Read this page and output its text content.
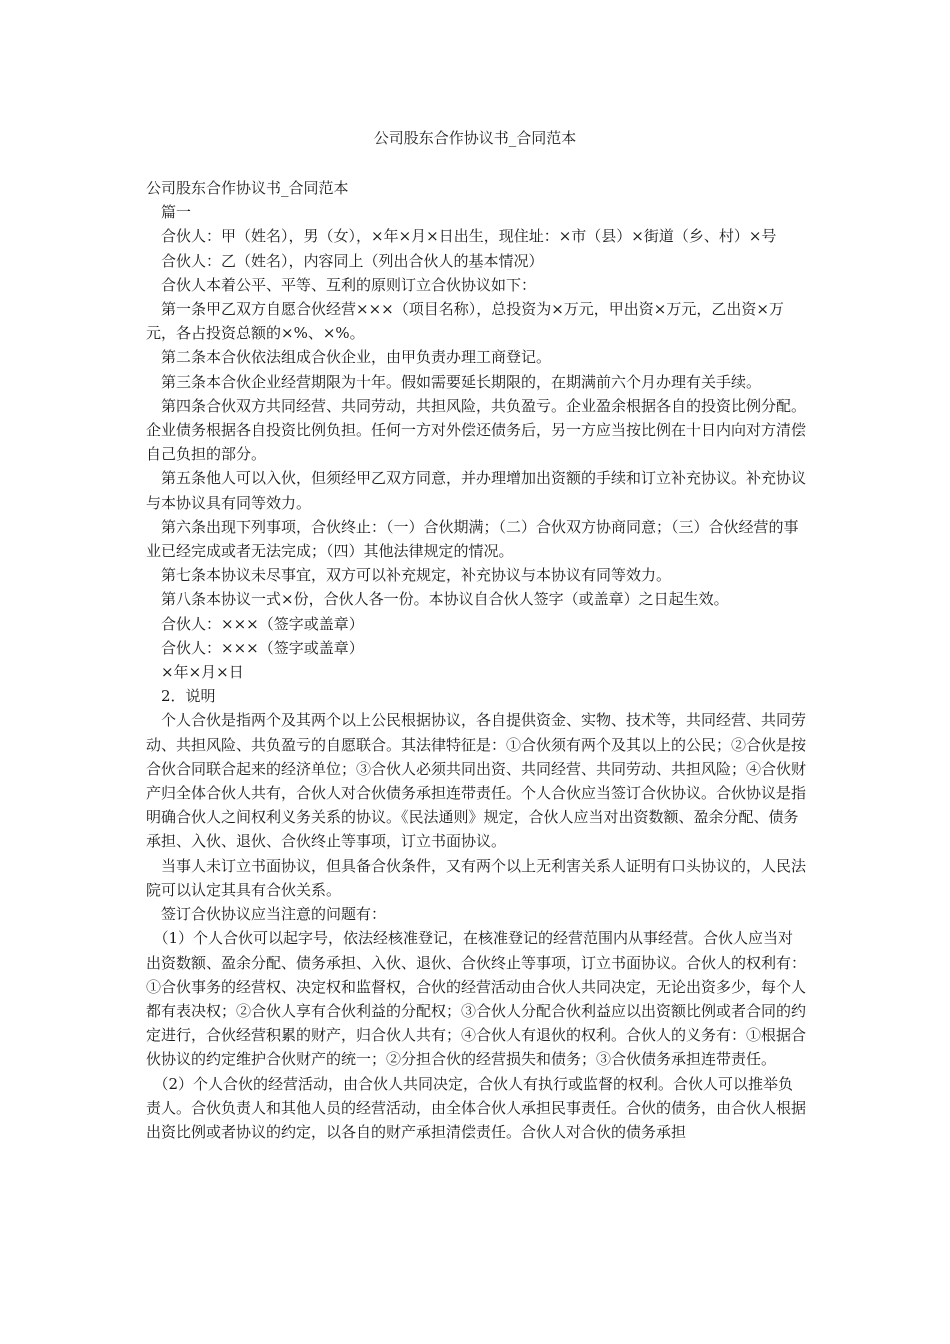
公司股东合作协议书_合同范本

公司股东合作协议书_合同范本

　篇一

　合伙人：甲（姓名），男（女），×年×月×日出生，现住址：×市（县）×街道（乡、村）×号

　合伙人：乙（姓名），内容同上（列出合伙人的基本情况）

　合伙人本着公平、平等、互利的原则订立合伙协议如下：

　第一条甲乙双方自愿合伙经营×××（项目名称），总投资为×万元，甲出资×万元，乙出资×万元，各占投资总额的×%、×%。

　第二条本合伙依法组成合伙企业，由甲负责办理工商登记。

　第三条本合伙企业经营期限为十年。假如需要延长期限的，在期满前六个月办理有关手续。

　第四条合伙双方共同经营、共同劳动，共担风险，共负盈亏。企业盈余根据各自的投资比例分配。企业债务根据各自投资比例负担。任何一方对外偿还债务后，另一方应当按比例在十日内向对方清偿自己负担的部分。

　第五条他人可以入伙，但须经甲乙双方同意，并办理增加出资额的手续和订立补充协议。补充协议与本协议具有同等效力。

　第六条出现下列事项，合伙终止：（一）合伙期满；（二）合伙双方协商同意；（三）合伙经营的事业已经完成或者无法完成；（四）其他法律规定的情况。

　第七条本协议未尽事宜，双方可以补充规定，补充协议与本协议有同等效力。

　第八条本协议一式×份，合伙人各一份。本协议自合伙人签字（或盖章）之日起生效。

　合伙人：×××（签字或盖章）

　合伙人：×××（签字或盖章）

　×年×月×日

　2．说明

　个人合伙是指两个及其两个以上公民根据协议，各自提供资金、实物、技术等，共同经营、共同劳动、共担风险、共负盈亏的自愿联合。其法律特征是：①合伙须有两个及其以上的公民；②合伙是按合伙合同联合起来的经济单位；③合伙人必须共同出资、共同经营、共同劳动、共担风险；④合伙财产归全体合伙人共有，合伙人对合伙债务承担连带责任。个人合伙应当签订合伙协议。合伙协议是指明确合伙人之间权利义务关系的协议。《民法通则》规定，合伙人应当对出资数额、盈余分配、债务承担、入伙、退伙、合伙终止等事项，订立书面协议。

　当事人未订立书面协议，但具备合伙条件，又有两个以上无利害关系人证明有口头协议的，人民法院可以认定其具有合伙关系。

　签订合伙协议应当注意的问题有：

　（1）个人合伙可以起字号，依法经核准登记，在核准登记的经营范围内从事经营。合伙人应当对出资数额、盈余分配、债务承担、入伙、退伙、合伙终止等事项，订立书面协议。合伙人的权利有：①合伙事务的经营权、决定权和监督权，合伙的经营活动由合伙人共同决定，无论出资多少，每个人都有表决权；②合伙人享有合伙利益的分配权；③合伙人分配合伙利益应以出资额比例或者合同的约定进行，合伙经营积累的财产，归合伙人共有；④合伙人有退伙的权利。合伙人的义务有：①根据合伙协议的约定维护合伙财产的统一；②分担合伙的经营损失和债务；③合伙债务承担连带责任。

　（2）个人合伙的经营活动，由合伙人共同决定，合伙人有执行或监督的权利。合伙人可以推举负责人。合伙负责人和其他人员的经营活动，由全体合伙人承担民事责任。合伙的债务，由合伙人根据出资比例或者协议的约定，以各自的财产承担清偿责任。合伙人对合伙的债务承担
